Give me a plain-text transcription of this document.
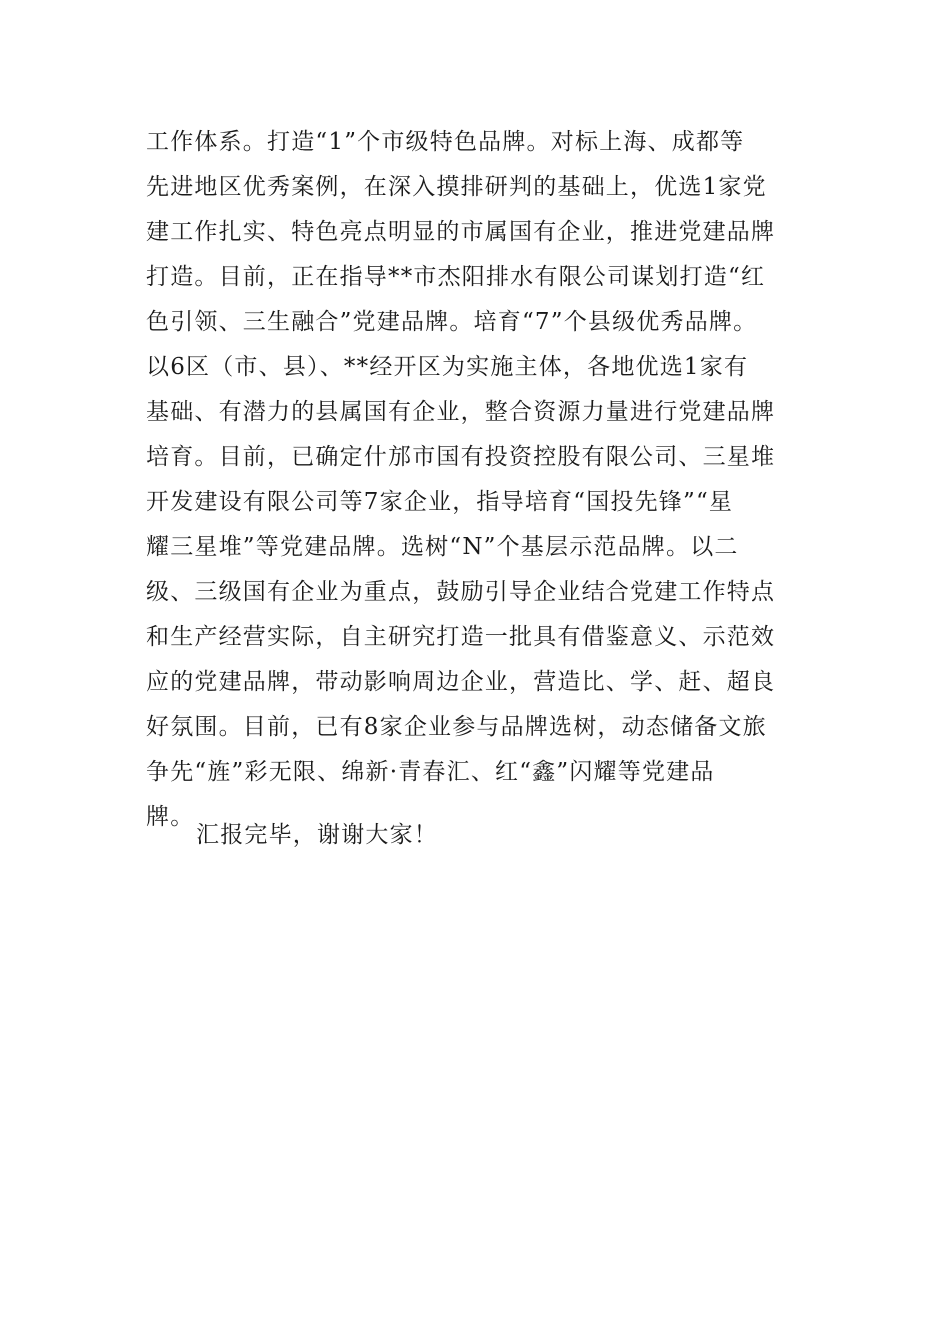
工作体系。打造“1”个市级特色品牌。对标上海、成都等
先进地区优秀案例，在深入摸排研判的基础上，优选1家党
建工作扎实、特色亮点明显的市属国有企业，推进党建品牌
打造。目前，正在指导**市杰阳排水有限公司谋划打造“红
色引领、三生融合”党建品牌。培育“7”个县级优秀品牌。
以6区（市、县）、**经开区为实施主体，各地优选1家有
基础、有潜力的县属国有企业，整合资源力量进行党建品牌
培育。目前，已确定什邡市国有投资控股有限公司、三星堆
开发建设有限公司等7家企业，指导培育“国投先锋”“星
耀三星堆”等党建品牌。选树“N”个基层示范品牌。以二
级、三级国有企业为重点，鼓励引导企业结合党建工作特点
和生产经营实际，自主研究打造一批具有借鉴意义、示范效
应的党建品牌，带动影响周边企业，营造比、学、赶、超良
好氛围。目前，已有8家企业参与品牌选树，动态储备文旅
争先“旌”彩无限、绵新·青春汇、红“鑫”闪耀等党建品
牌。
汇报完毕，谢谢大家！
